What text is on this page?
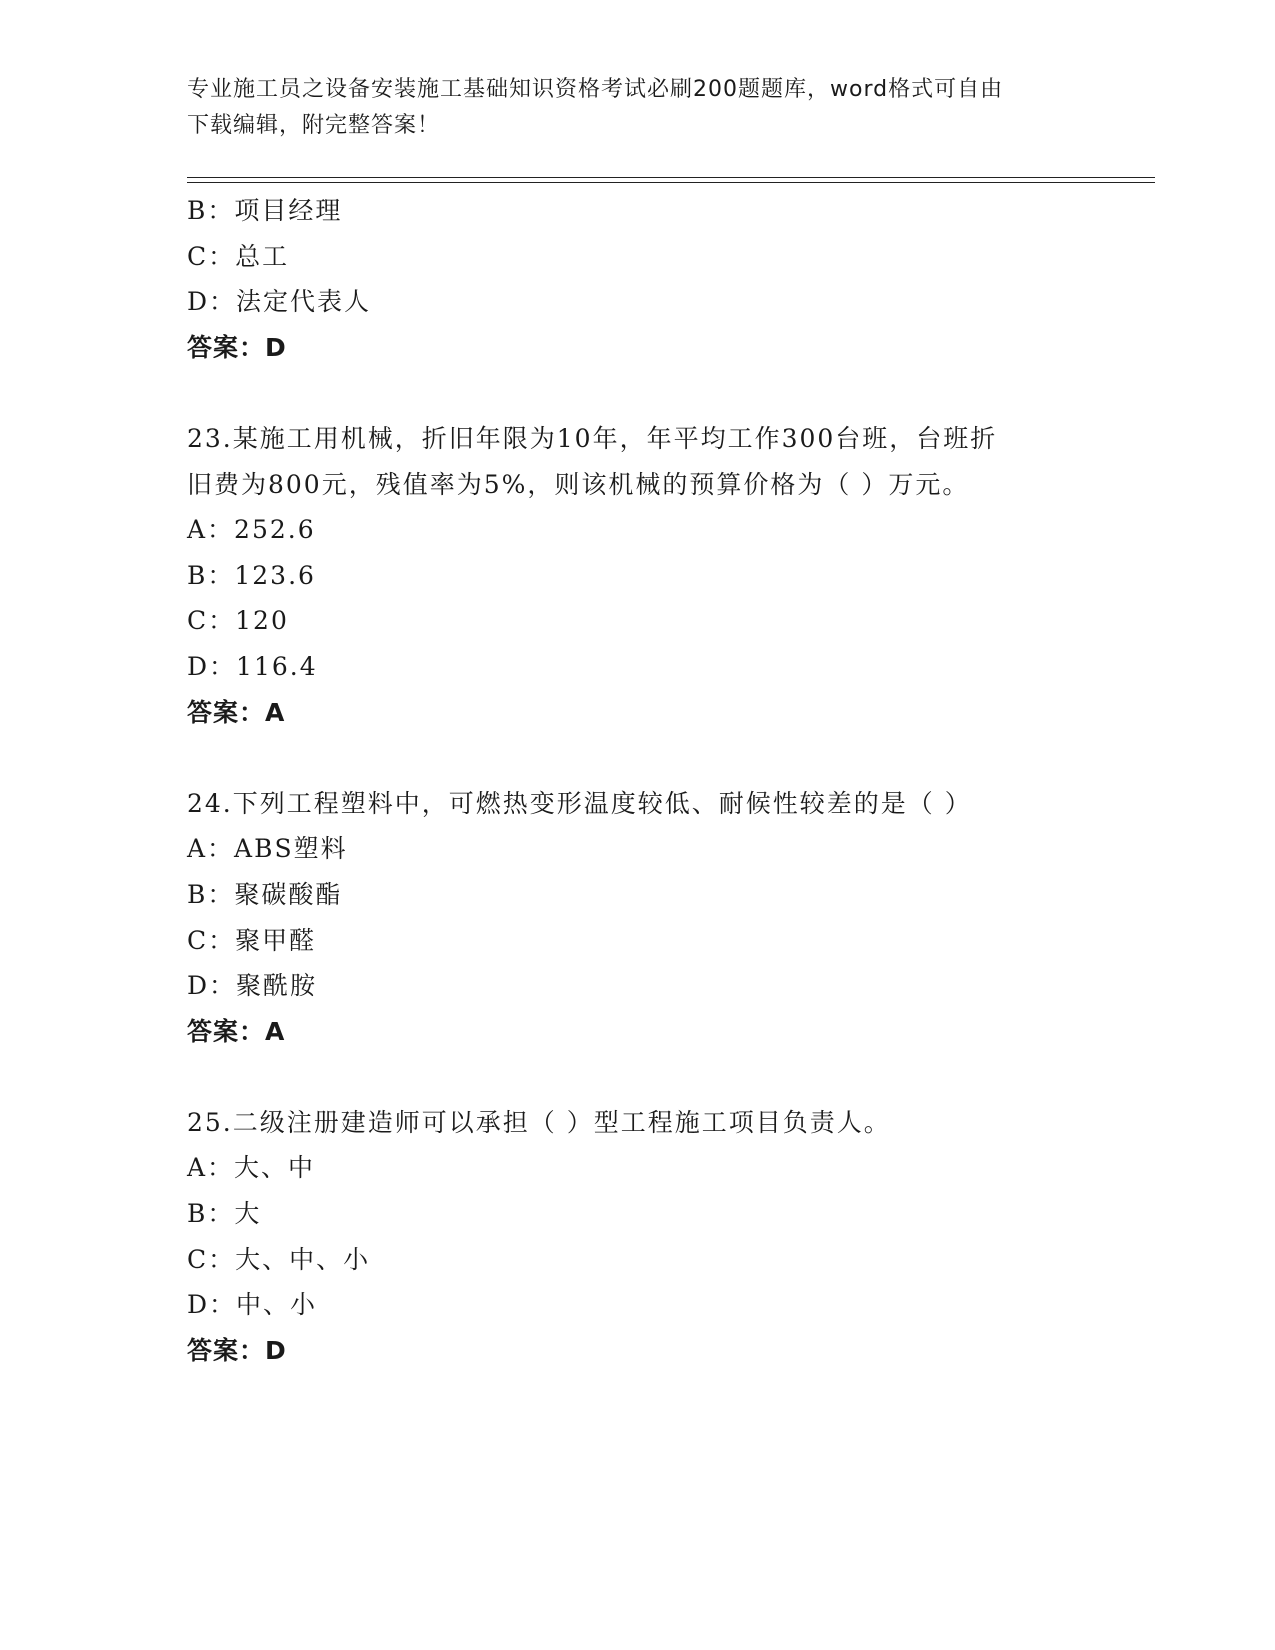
专业施工员之设备安装施工基础知识资格考试必刷200题题库，word格式可自由
下载编辑，附完整答案！
B：项目经理
C：总工
D：法定代表人
答案：D
23.某施工用机械，折旧年限为10年，年平均工作300台班，台班折
旧费为800元，残值率为5%，则该机械的预算价格为（ ）万元。
A：252.6
B：123.6
C：120
D：116.4
答案：A
24.下列工程塑料中，可燃热变形温度较低、耐候性较差的是（ ）
A：ABS塑料
B：聚碳酸酯
C：聚甲醛
D：聚酰胺
答案：A
25.二级注册建造师可以承担（ ）型工程施工项目负责人。
A：大、中
B：大
C：大、中、小
D：中、小
答案：D
